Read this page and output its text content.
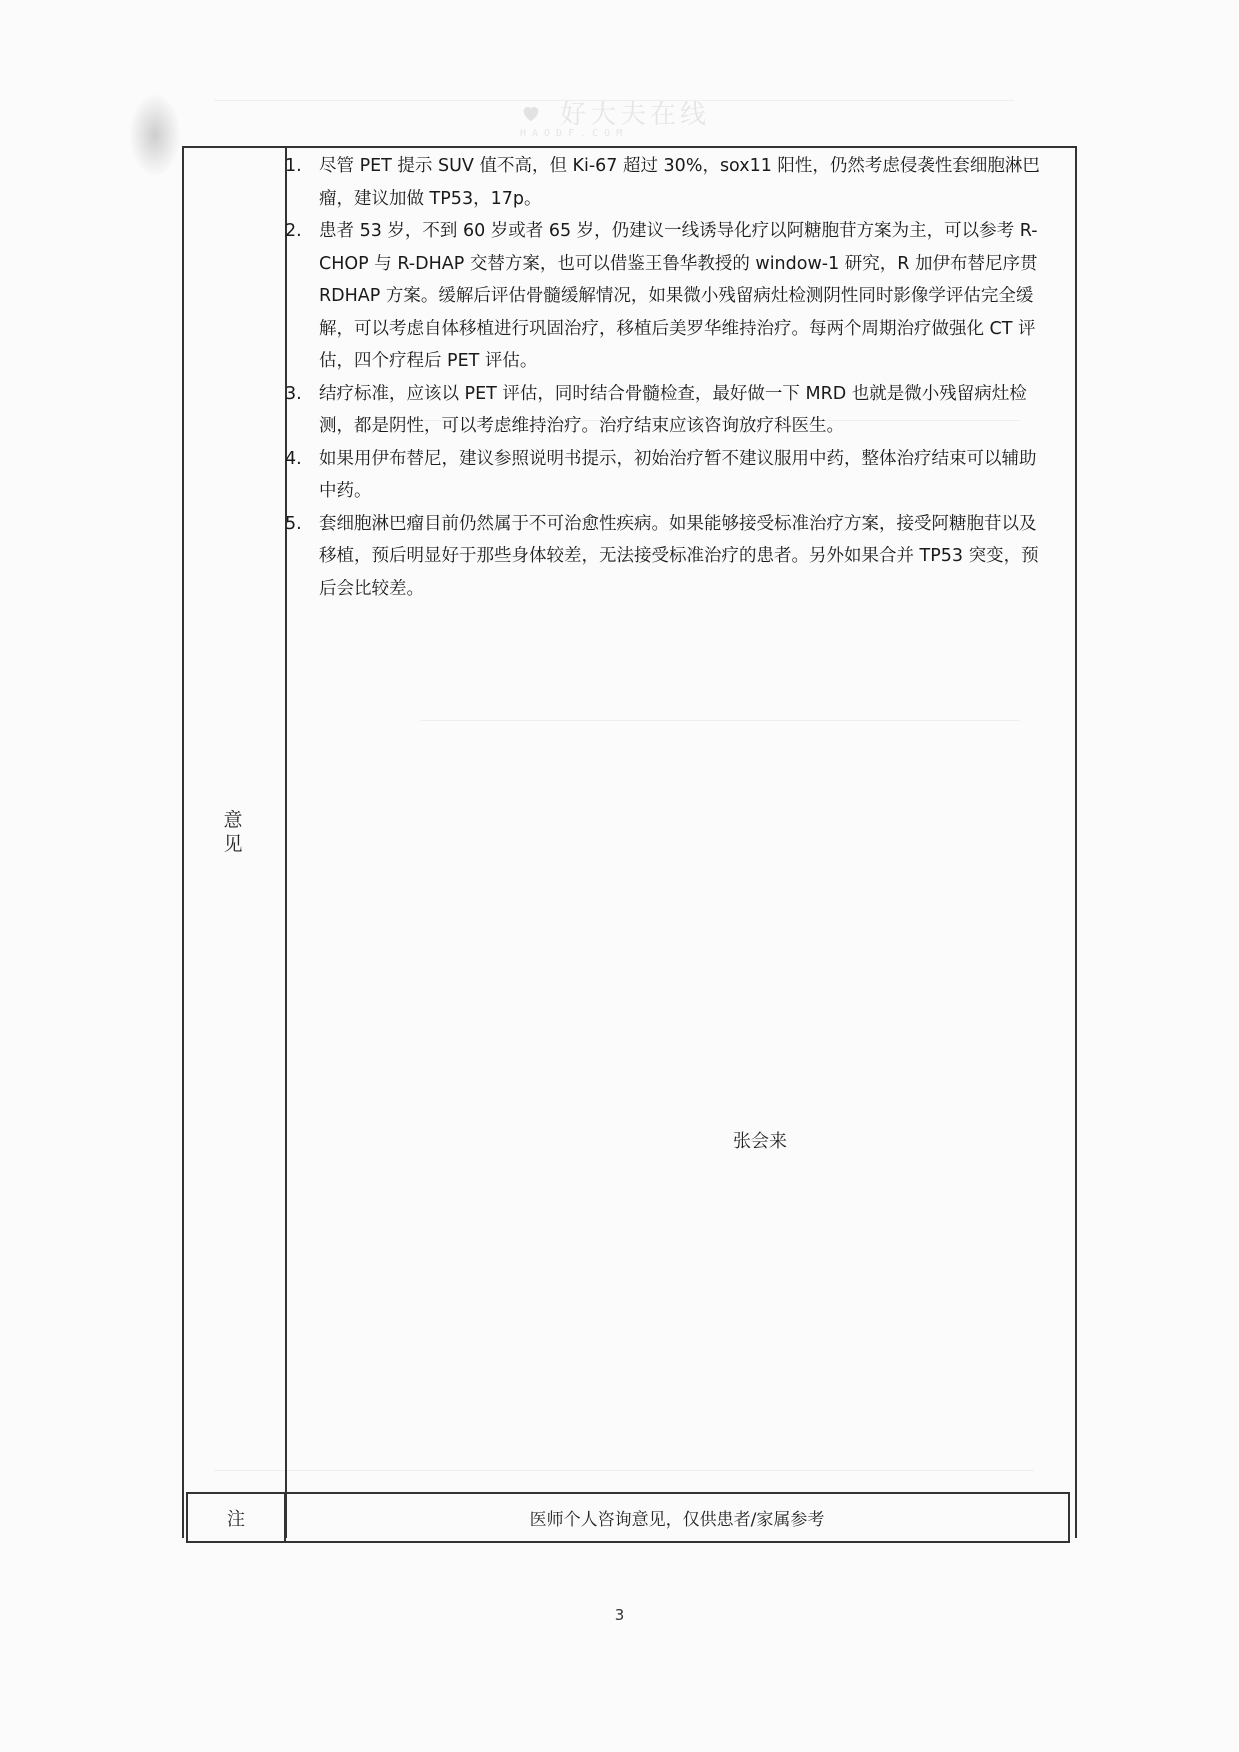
好大夫在线
HAODF.COM
意见
1. 尽管 PET 提示 SUV 值不高，但 Ki-67 超过 30%，sox11 阳性，仍然考虑侵袭性套细胞淋巴瘤，建议加做 TP53，17p。
2. 患者 53 岁，不到 60 岁或者 65 岁，仍建议一线诱导化疗以阿糖胞苷方案为主，可以参考 R-CHOP 与 R-DHAP 交替方案，也可以借鉴王鲁华教授的 window-1 研究，R 加伊布替尼序贯 RDHAP 方案。缓解后评估骨髓缓解情况，如果微小残留病灶检测阴性同时影像学评估完全缓解，可以考虑自体移植进行巩固治疗，移植后美罗华维持治疗。每两个周期治疗做强化 CT 评估，四个疗程后 PET 评估。
3. 结疗标准，应该以 PET 评估，同时结合骨髓检查，最好做一下 MRD 也就是微小残留病灶检测，都是阴性，可以考虑维持治疗。治疗结束应该咨询放疗科医生。
4. 如果用伊布替尼，建议参照说明书提示，初始治疗暂不建议服用中药，整体治疗结束可以辅助中药。
5. 套细胞淋巴瘤目前仍然属于不可治愈性疾病。如果能够接受标准治疗方案，接受阿糖胞苷以及移植，预后明显好于那些身体较差，无法接受标准治疗的患者。另外如果合并 TP53 突变，预后会比较差。
张会来
注	医师个人咨询意见，仅供患者/家属参考
3
